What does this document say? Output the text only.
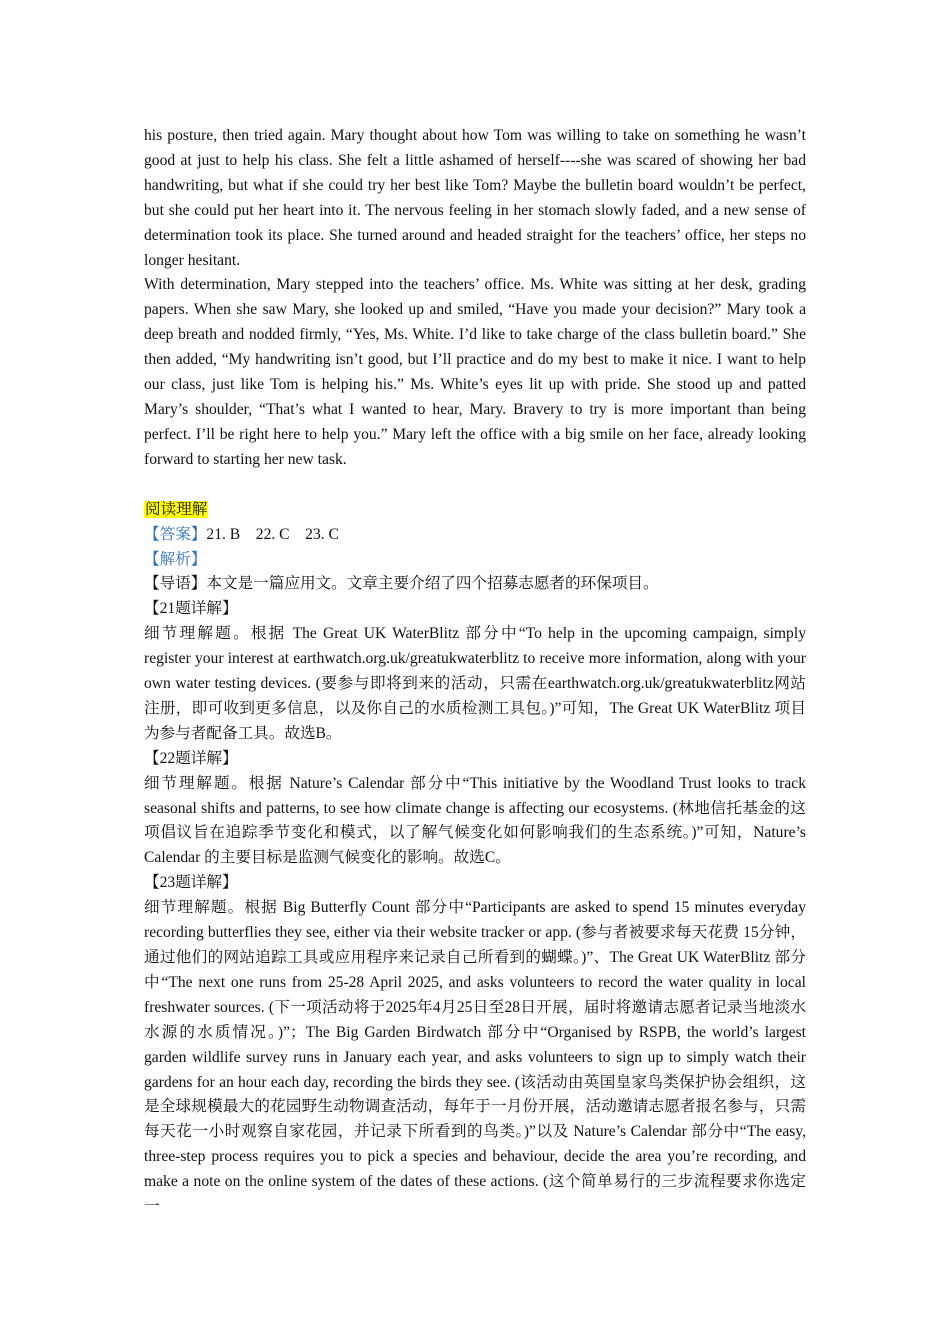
his posture, then tried again. Mary thought about how Tom was willing to take on something he wasn’t good at just to help his class. She felt a little ashamed of herself----she was scared of showing her bad handwriting, but what if she could try her best like Tom? Maybe the bulletin board wouldn’t be perfect, but she could put her heart into it. The nervous feeling in her stomach slowly faded, and a new sense of determination took its place. She turned around and headed straight for the teachers’ office, her steps no longer hesitant.

With determination, Mary stepped into the teachers’ office. Ms. White was sitting at her desk, grading papers. When she saw Mary, she looked up and smiled, “Have you made your decision?” Mary took a deep breath and nodded firmly, “Yes, Ms. White. I’d like to take charge of the class bulletin board.” She then added, “My handwriting isn’t good, but I’ll practice and do my best to make it nice. I want to help our class, just like Tom is helping his.” Ms. White’s eyes lit up with pride. She stood up and patted Mary’s shoulder, “That’s what I wanted to hear, Mary. Bravery to try is more important than being perfect. I’ll be right here to help you.” Mary left the office with a big smile on her face, already looking forward to starting her new task.

阅读理解
【答案】21. B    22. C    23. C
【解析】

【导语】本文是一篇应用文。文章主要介绍了四个招募志愿者的环保项目。

【21题详解】

细节理解题。根据 The Great UK WaterBlitz 部分中“To help in the upcoming campaign, simply register your interest at earthwatch.org.uk/greatukwaterblitz to receive more information, along with your own water testing devices. (要参与即将到来的活动，只需在earthwatch.org.uk/greatukwaterblitz网站注册，即可收到更多信息，以及你自己的水质检测工具包。)”可知，The Great UK WaterBlitz 项目为参与者配备工具。故选B。

【22题详解】

细节理解题。根据 Nature’s Calendar 部分中“This initiative by the Woodland Trust looks to track seasonal shifts and patterns, to see how climate change is affecting our ecosystems. (林地信托基金的这项倡议旨在追踪季节变化和模式，以了解气候变化如何影响我们的生态系统。)”可知，Nature’s Calendar 的主要目标是监测气候变化的影响。故选C。

【23题详解】

细节理解题。根据 Big Butterfly Count 部分中“Participants are asked to spend 15 minutes everyday recording butterflies they see, either via their website tracker or app. (参与者被要求每天花费 15分钟，通过他们的网站追踪工具或应用程序来记录自己所看到的蝴蝶。)”、The Great UK WaterBlitz 部分中“The next one runs from 25-28 April 2025, and asks volunteers to record the water quality in local freshwater sources. (下一项活动将于2025年4月25日至28日开展，届时将邀请志愿者记录当地淡水水源的水质情况。)”；The Big Garden Birdwatch 部分中“Organised by RSPB, the world’s largest garden wildlife survey runs in January each year, and asks volunteers to sign up to simply watch their gardens for an hour each day, recording the birds they see. (该活动由英国皇家鸟类保护协会组织，这是全球规模最大的花园野生动物调查活动，每年于一月份开展，活动邀请志愿者报名参与，只需每天花一小时观察自家花园，并记录下所看到的鸟类。)”以及 Nature’s Calendar 部分中“The easy, three-step process requires you to pick a species and behaviour, decide the area you’re recording, and make a note on the online system of the dates of these actions. (这个简单易行的三步流程要求你选定一
